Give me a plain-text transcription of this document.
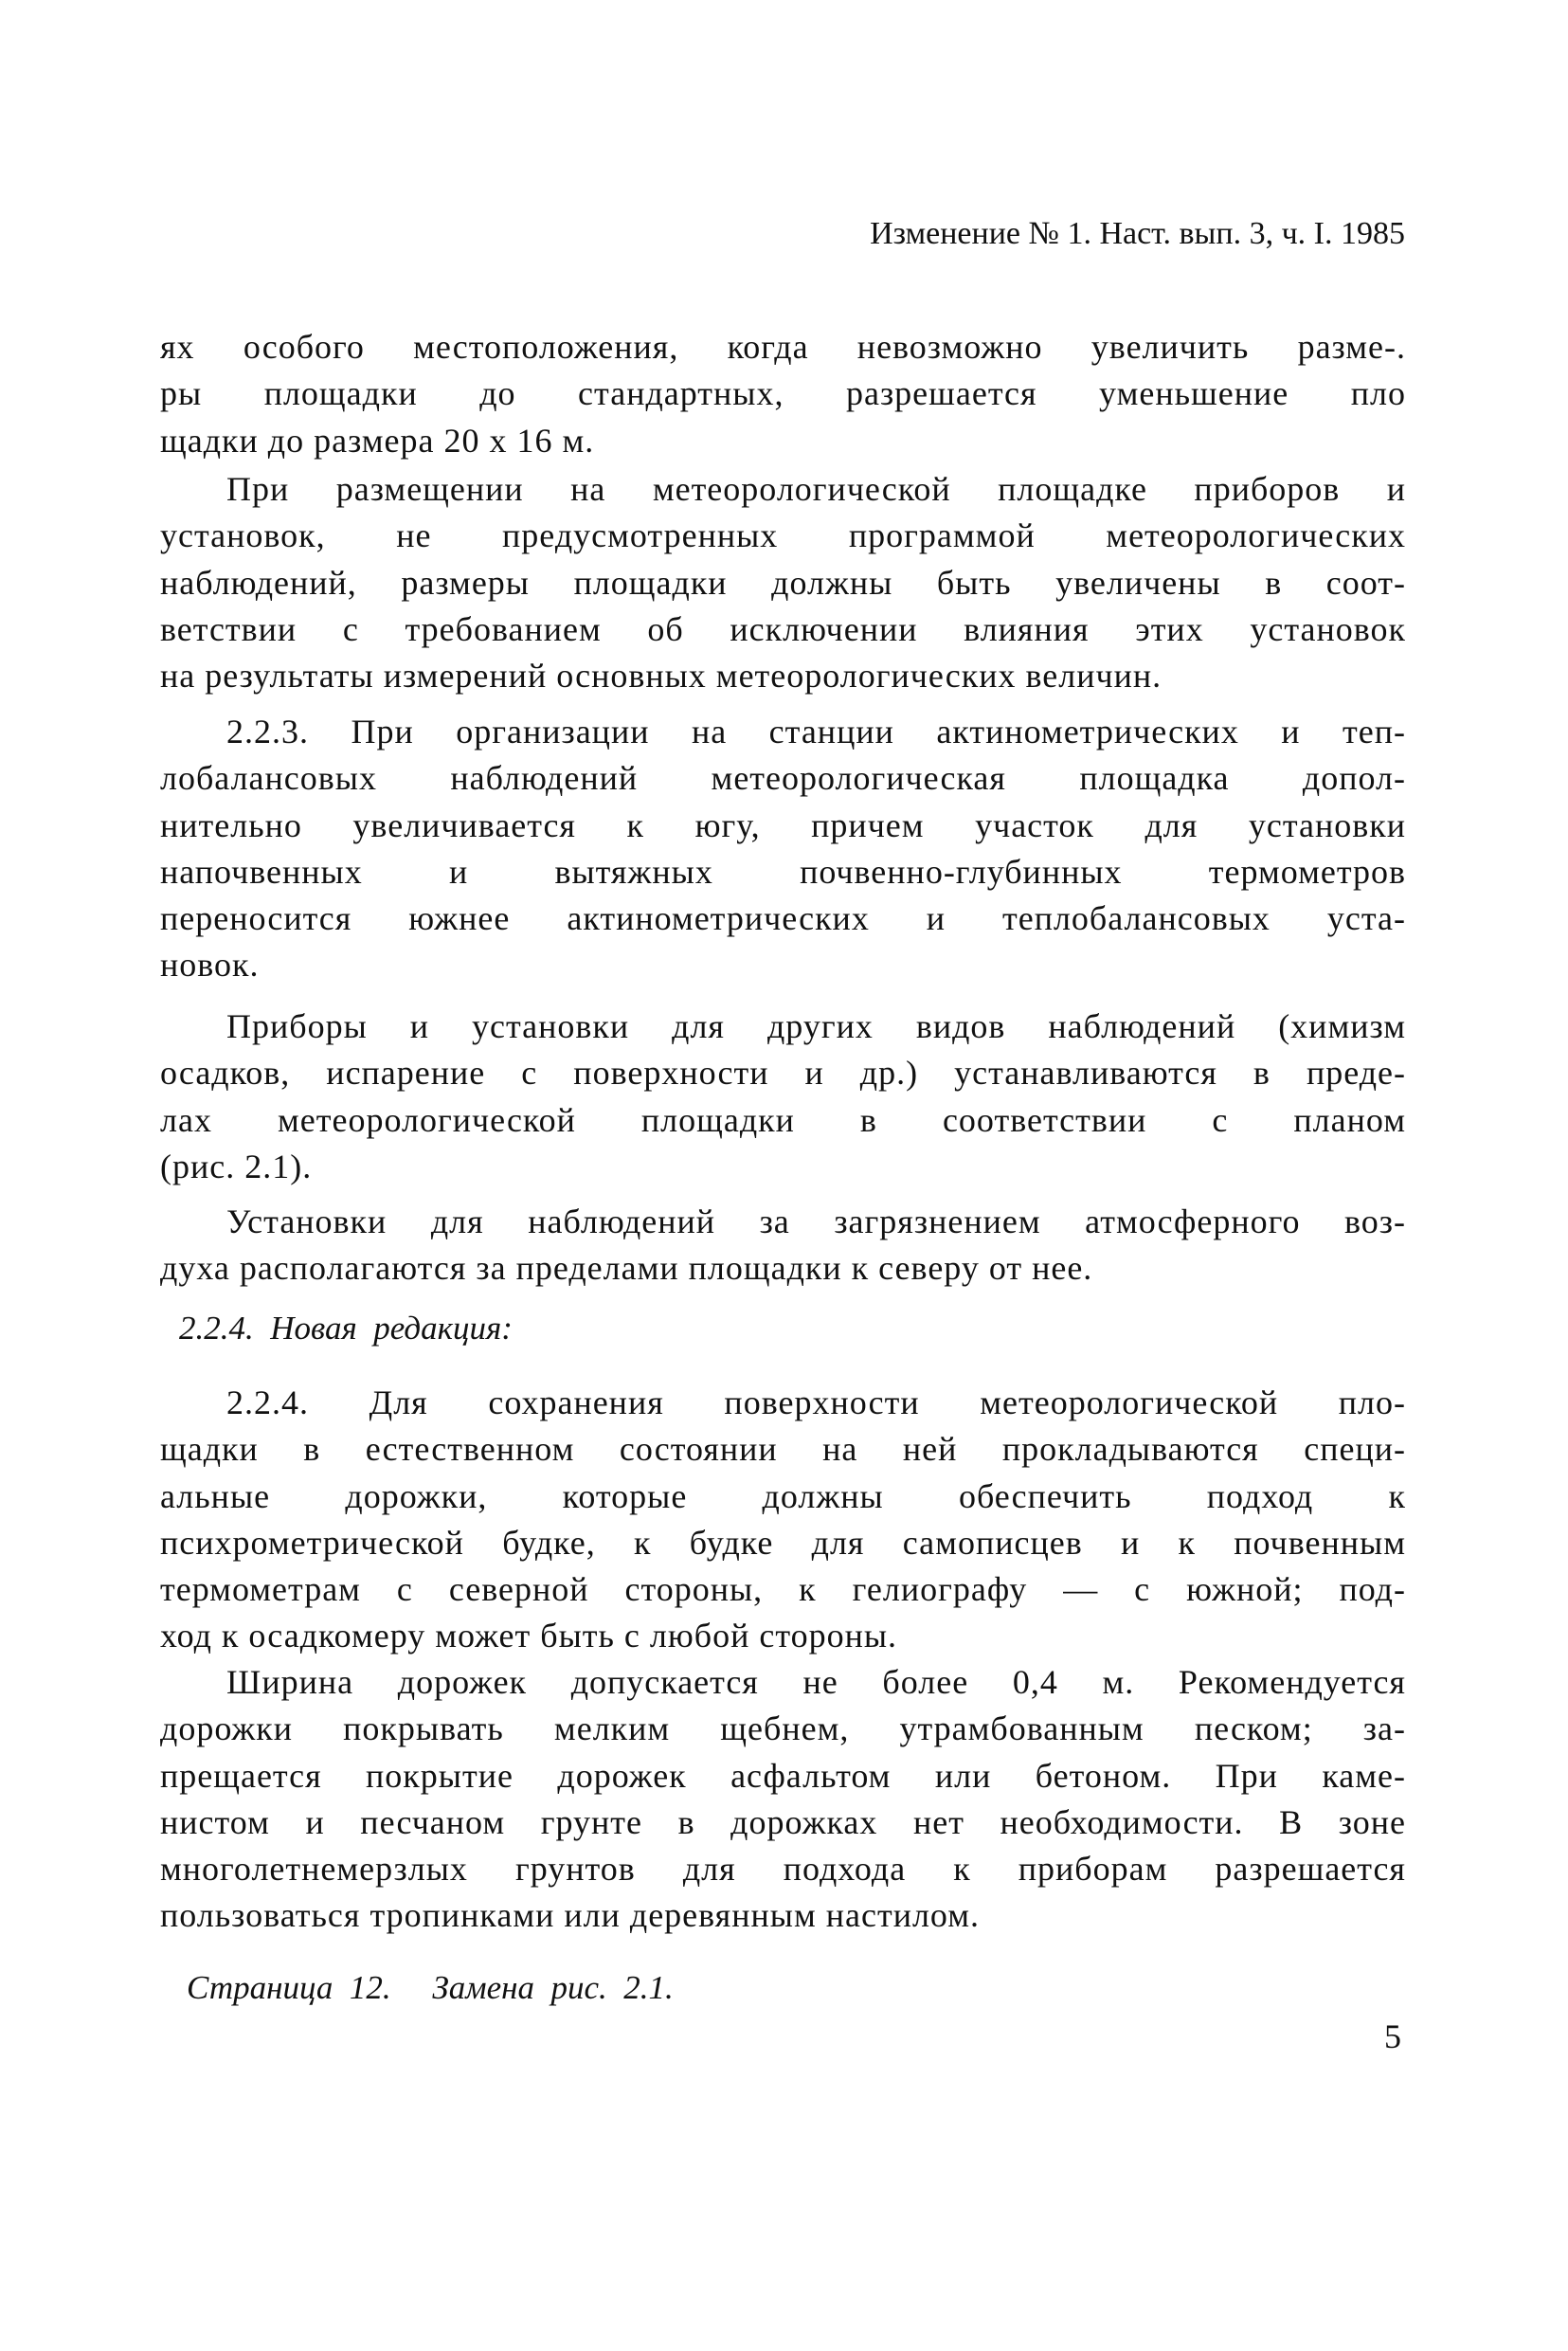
Изменение № 1. Наст. вып. 3, ч. I. 1985
ях особого местоположения, когда невозможно увеличить разме-.
ры площадки до стандартных, разрешается уменьшение пло
щадки до размера 20 х 16 м.
При размещении на метеорологической площадке приборов и
установок, не предусмотренных программой метеорологических
наблюдений, размеры площадки должны быть увеличены в соот-
ветствии с требованием об исключении влияния этих установок
на результаты измерений основных метеорологических величин.
2.2.3. При организации на станции актинометрических и теп-
лобалансовых наблюдений метеорологическая площадка допол-
нительно увеличивается к югу, причем участок для установки
напочвенных и вытяжных почвенно-глубинных термометров
переносится южнее актинометрических и теплобалансовых уста-
новок.
Приборы и установки для других видов наблюдений (химизм
осадков, испарение с поверхности и др.) устанавливаются в преде-
лах метеорологической площадки в соответствии с планом
(рис. 2.1).
Установки для наблюдений за загрязнением атмосферного воз-
духа располагаются за пределами площадки к северу от нее.
2.2.4.  Новая  редакция:
2.2.4. Для сохранения поверхности метеорологической пло-
щадки в естественном состоянии на ней прокладываются специ-
альные дорожки, которые должны обеспечить подход к
психрометрической будке, к будке для самописцев и к почвенным
термометрам с северной стороны, к гелиографу — с южной; под-
ход к осадкомеру может быть с любой стороны.
Ширина дорожек допускается не более 0,4 м. Рекомендуется
дорожки покрывать мелким щебнем, утрамбованным песком; за-
прещается покрытие дорожек асфальтом или бетоном. При каме-
нистом и песчаном грунте в дорожках нет необходимости. В зоне
многолетнемерзлых грунтов для подхода к приборам разрешается
пользоваться тропинками или деревянным настилом.
Страница  12.     Замена  рис.  2.1.
5
